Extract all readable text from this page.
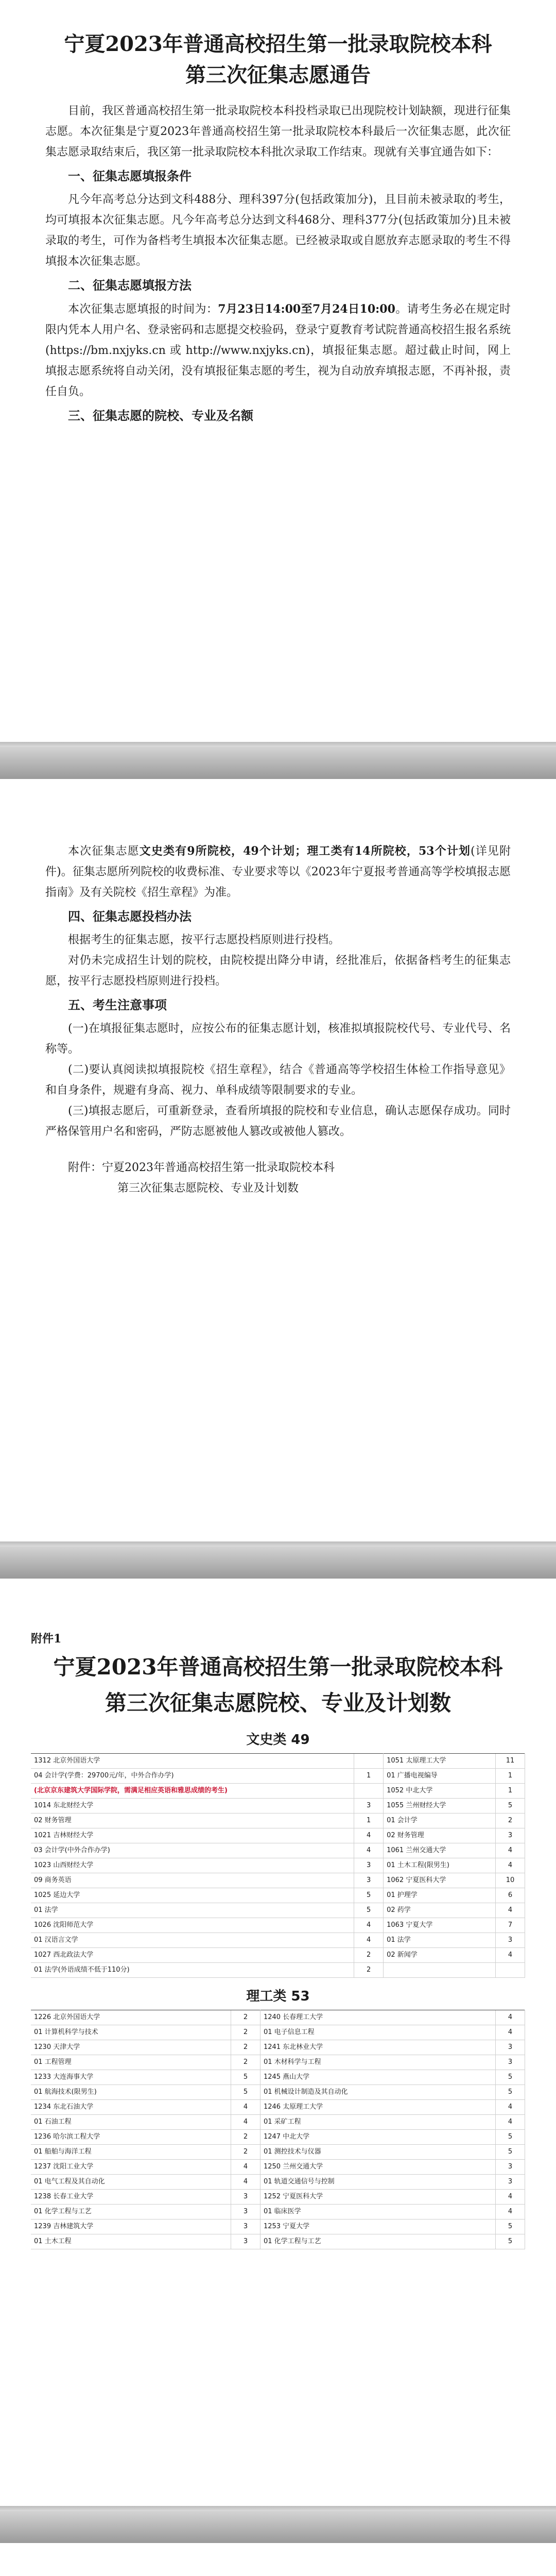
宁夏2023年普通高校招生第一批录取院校本科
第三次征集志愿通告

目前，我区普通高校招生第一批录取院校本科投档录取已出现院校计划缺额，现进行征集志愿。本次征集是宁夏2023年普通高校招生第一批录取院校本科最后一次征集志愿，此次征集志愿录取结束后，我区第一批录取院校本科批次录取工作结束。现就有关事宜通告如下：

一、征集志愿填报条件

凡今年高考总分达到文科488分、理科397分(包括政策加分)，且目前未被录取的考生，均可填报本次征集志愿。凡今年高考总分达到文科468分、理科377分(包括政策加分)且未被录取的考生，可作为备档考生填报本次征集志愿。已经被录取或自愿放弃志愿录取的考生不得填报本次征集志愿。

二、征集志愿填报方法

本次征集志愿填报的时间为：7月23日14:00至7月24日10:00。请考生务必在规定时限内凭本人用户名、登录密码和志愿提交校验码，登录宁夏教育考试院普通高校招生报名系统(https://bm.nxjyks.cn 或 http://www.nxjyks.cn)，填报征集志愿。超过截止时间，网上填报志愿系统将自动关闭，没有填报征集志愿的考生，视为自动放弃填报志愿，不再补报，责任自负。

三、征集志愿的院校、专业及名额

本次征集志愿文史类有9所院校，49个计划；理工类有14所院校，53个计划(详见附件)。征集志愿所列院校的收费标准、专业要求等以《2023年宁夏报考普通高等学校填报志愿指南》及有关院校《招生章程》为准。

四、征集志愿投档办法

根据考生的征集志愿，按平行志愿投档原则进行投档。

对仍未完成招生计划的院校，由院校提出降分申请，经批准后，依据备档考生的征集志愿，按平行志愿投档原则进行投档。

五、考生注意事项

(一)在填报征集志愿时，应按公布的征集志愿计划，核准拟填报院校代号、专业代号、名称等。

(二)要认真阅读拟填报院校《招生章程》，结合《普通高等学校招生体检工作指导意见》和自身条件，规避有身高、视力、单科成绩等限制要求的专业。

(三)填报志愿后，可重新登录，查看所填报的院校和专业信息，确认志愿保存成功。同时严格保管用户名和密码，严防志愿被他人篡改或被他人篡改。

附件：宁夏2023年普通高校招生第一批录取院校本科

第三次征集志愿院校、专业及计划数

附件1
宁夏2023年普通高校招生第一批录取院校本科
第三次征集志愿院校、专业及计划数
文史类 49
1312 北京外国语大学		1051 太原理工大学	11
04 会计学(学费：29700元/年，中外合作办学)	1	01 广播电视编导	1
(北京京东建筑大学国际学院，需满足相应英语和雅思成绩的考生)		1052 中北大学	1
1014 东北财经大学	3	1055 兰州财经大学	5
02 财务管理	1	01 会计学	2
1021 吉林财经大学	4	02 财务管理	3
03 会计学(中外合作办学)	4	1061 兰州交通大学	4
1023 山西财经大学	3	01 土木工程(限男生)	4
09 商务英语	3	1062 宁夏医科大学	10
1025 延边大学	5	01 护理学	6
01 法学	5	02 药学	4
1026 沈阳师范大学	4	1063 宁夏大学	7
01 汉语言文学	4	01 法学	3
1027 西北政法大学	2	02 新闻学	4
01 法学(外语成绩不低于110分)	2		
理工类 53
1226 北京外国语大学	2	1240 长春理工大学	4
01 计算机科学与技术	2	01 电子信息工程	4
1230 天津大学	2	1241 东北林业大学	3
01 工程管理	2	01 木材科学与工程	3
1233 大连海事大学	5	1245 燕山大学	5
01 航海技术(限男生)	5	01 机械设计制造及其自动化	5
1234 东北石油大学	4	1246 太原理工大学	4
01 石油工程	4	01 采矿工程	4
1236 哈尔滨工程大学	2	1247 中北大学	5
01 船舶与海洋工程	2	01 测控技术与仪器	5
1237 沈阳工业大学	4	1250 兰州交通大学	3
01 电气工程及其自动化	4	01 轨道交通信号与控制	3
1238 长春工业大学	3	1252 宁夏医科大学	4
01 化学工程与工艺	3	01 临床医学	4
1239 吉林建筑大学	3	1253 宁夏大学	5
01 土木工程	3	01 化学工程与工艺	5
